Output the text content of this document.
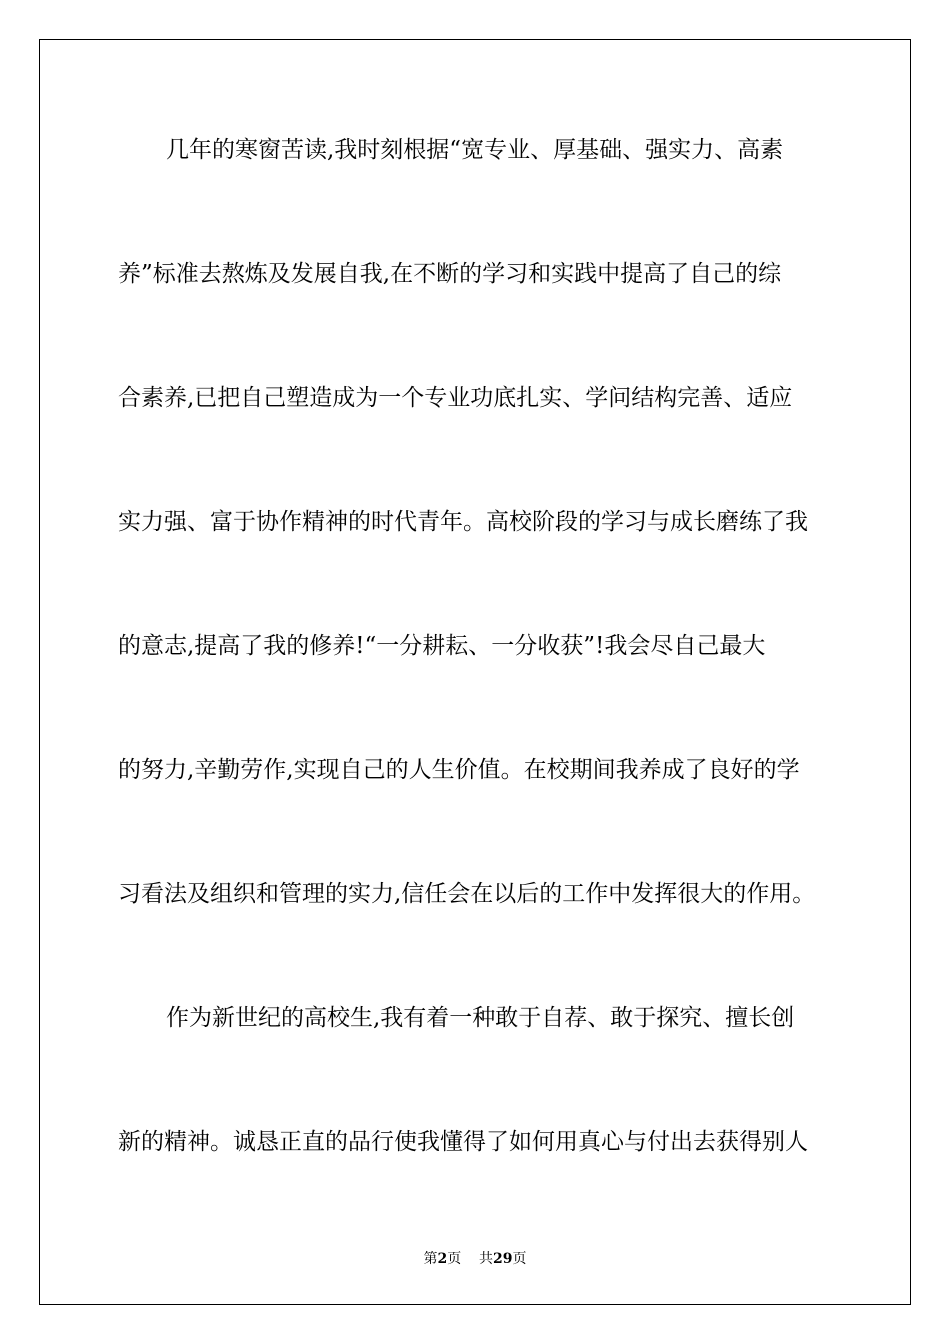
几年的寒窗苦读,我时刻根据“宽专业、厚基础、强实力、高素
养”标准去熬炼及发展自我,在不断的学习和实践中提高了自己的综
合素养,已把自己塑造成为一个专业功底扎实、学问结构完善、适应
实力强、富于协作精神的时代青年。高校阶段的学习与成长磨练了我
的意志,提高了我的修养!“一分耕耘、一分收获”!我会尽自己最大
的努力,辛勤劳作,实现自己的人生价值。在校期间我养成了良好的学
习看法及组织和管理的实力,信任会在以后的工作中发挥很大的作用。
作为新世纪的高校生,我有着一种敢于自荐、敢于探究、擅长创
新的精神。诚恳正直的品行使我懂得了如何用真心与付出去获得别人
第2页 共29页
